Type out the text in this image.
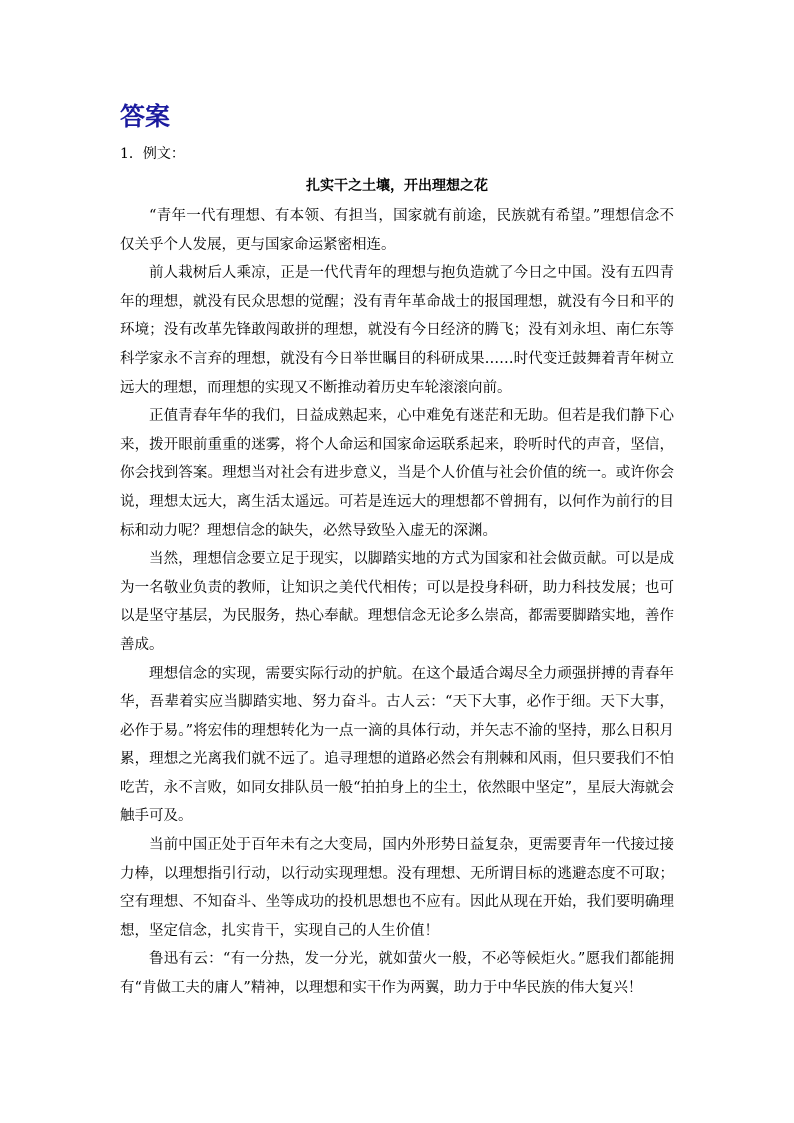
答案

1．例文：

扎实干之土壤，开出理想之花

“青年一代有理想、有本领、有担当，国家就有前途，民族就有希望。”理想信念不仅关乎个人发展，更与国家命运紧密相连。

前人栽树后人乘凉，正是一代代青年的理想与抱负造就了今日之中国。没有五四青年的理想，就没有民众思想的觉醒；没有青年革命战士的报国理想，就没有今日和平的环境；没有改革先锋敢闯敢拼的理想，就没有今日经济的腾飞；没有刘永坦、南仁东等科学家永不言弃的理想，就没有今日举世瞩目的科研成果……时代变迁鼓舞着青年树立远大的理想，而理想的实现又不断推动着历史车轮滚滚向前。

正值青春年华的我们，日益成熟起来，心中难免有迷茫和无助。但若是我们静下心来，拨开眼前重重的迷雾，将个人命运和国家命运联系起来，聆听时代的声音，坚信，你会找到答案。理想当对社会有进步意义，当是个人价值与社会价值的统一。或许你会说，理想太远大，离生活太遥远。可若是连远大的理想都不曾拥有，以何作为前行的目标和动力呢？理想信念的缺失，必然导致坠入虚无的深渊。

当然，理想信念要立足于现实，以脚踏实地的方式为国家和社会做贡献。可以是成为一名敬业负责的教师，让知识之美代代相传；可以是投身科研，助力科技发展；也可以是坚守基层，为民服务，热心奉献。理想信念无论多么崇高，都需要脚踏实地，善作善成。

理想信念的实现，需要实际行动的护航。在这个最适合竭尽全力顽强拼搏的青春年华，吾辈着实应当脚踏实地、努力奋斗。古人云：“天下大事，必作于细。天下大事，必作于易。”将宏伟的理想转化为一点一滴的具体行动，并矢志不渝的坚持，那么日积月累，理想之光离我们就不远了。追寻理想的道路必然会有荆棘和风雨，但只要我们不怕吃苦，永不言败，如同女排队员一般“拍拍身上的尘土，依然眼中坚定”，星辰大海就会触手可及。

当前中国正处于百年未有之大变局，国内外形势日益复杂，更需要青年一代接过接力棒，以理想指引行动，以行动实现理想。没有理想、无所谓目标的逃避态度不可取；空有理想、不知奋斗、坐等成功的投机思想也不应有。因此从现在开始，我们要明确理想，坚定信念，扎实肯干，实现自己的人生价值！

鲁迅有云：“有一分热，发一分光，就如萤火一般，不必等候炬火。”愿我们都能拥有“肯做工夫的庸人”精神，以理想和实干作为两翼，助力于中华民族的伟大复兴！
